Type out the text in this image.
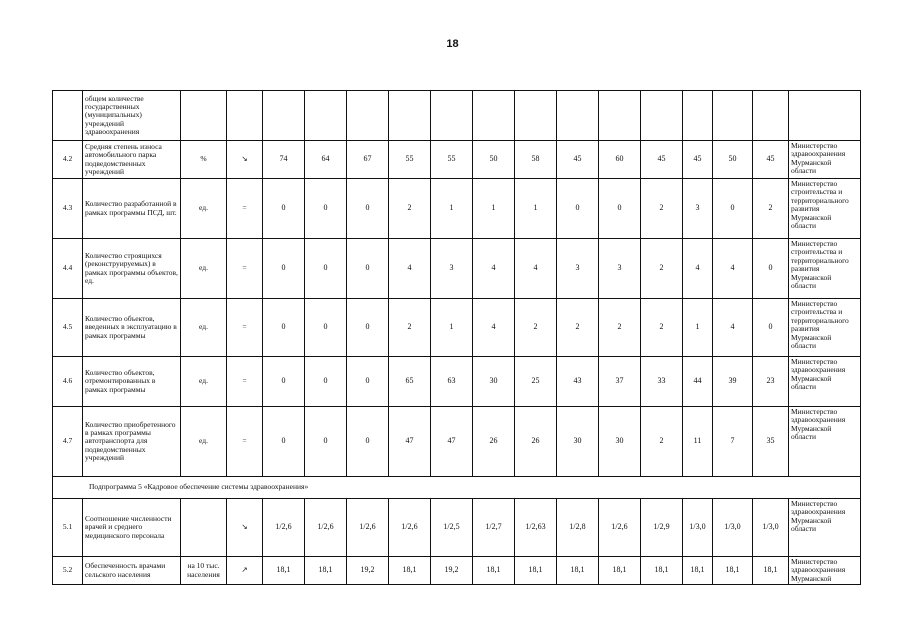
18
	общем количестве государственных (муниципальных) учреждений здравоохранения																
4.2	Средняя степень износа автомобильного парка подведомственных учреждений	%	↘	74	64	67	55	55	50	58	45	60	45	45	50	45	Министерство здравоохранения Мурманской области
4.3	Количество разработанной в рамках программы ПСД, шт.	ед.	=	0	0	0	2	1	1	1	0	0	2	3	0	2	Министерство строительства и территориального развития Мурманской области
4.4	Количество строящихся (реконструируемых) в рамках программы объектов, ед.	ед.	=	0	0	0	4	3	4	4	3	3	2	4	4	0	Министерство строительства и территориального развития Мурманской области
4.5	Количество объектов, введенных в эксплуатацию в рамках программы	ед.	=	0	0	0	2	1	4	2	2	2	2	1	4	0	Министерство строительства и территориального развития Мурманской области
4.6	Количество объектов, отремонтированных в рамках программы	ед.	=	0	0	0	65	63	30	25	43	37	33	44	39	23	Министерство здравоохранения Мурманской области
4.7	Количество приобретенного в рамках программы автотранспорта для подведомственных учреждений	ед.	=	0	0	0	47	47	26	26	30	30	2	11	7	35	Министерство здравоохранения Мурманской области
Подпрограмма 5 «Кадровое обеспечение системы здравоохранения»																	
5.1	Соотношение численности врачей и среднего медицинского персонала		↘	1/2,6	1/2,6	1/2,6	1/2,6	1/2,5	1/2,7	1/2,63	1/2,8	1/2,6	1/2,9	1/3,0	1/3,0	1/3,0	Министерство здравоохранения Мурманской области
5.2	Обеспеченность врачами сельского населения	на 10 тыс. населения	↗	18,1	18,1	19,2	18,1	19,2	18,1	18,1	18,1	18,1	18,1	18,1	18,1	18,1	Министерство здравоохранения Мурманской
